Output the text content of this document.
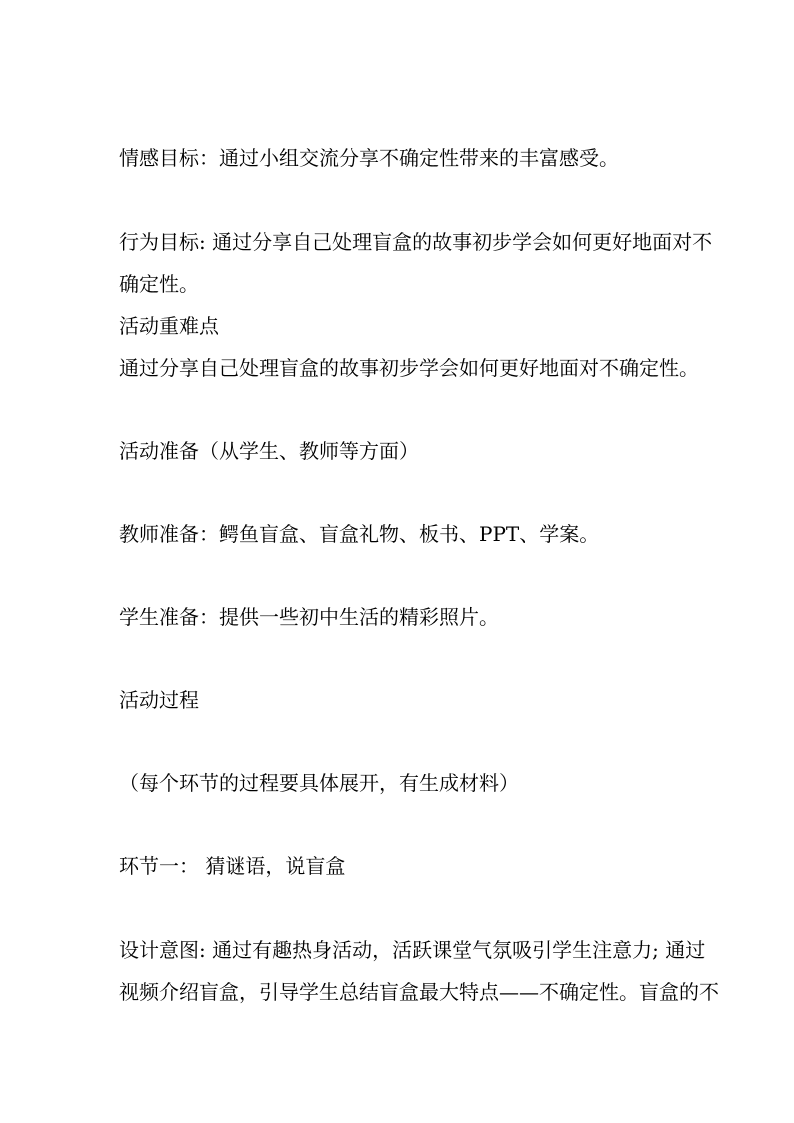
情感目标：通过小组交流分享不确定性带来的丰富感受。
行为目标: 通过分享自己处理盲盒的故事初步学会如何更好地面对不
确定性。
活动重难点
通过分享自己处理盲盒的故事初步学会如何更好地面对不确定性。
活动准备（从学生、教师等方面）
教师准备：鳄鱼盲盒、盲盒礼物、板书、PPT、学案。
学生准备：提供一些初中生活的精彩照片。
活动过程
（每个环节的过程要具体展开，有生成材料）
环节一： 猜谜语，说盲盒
设计意图: 通过有趣热身活动，活跃课堂气氛吸引学生注意力; 通过
视频介绍盲盒，引导学生总结盲盒最大特点——不确定性。盲盒的不
